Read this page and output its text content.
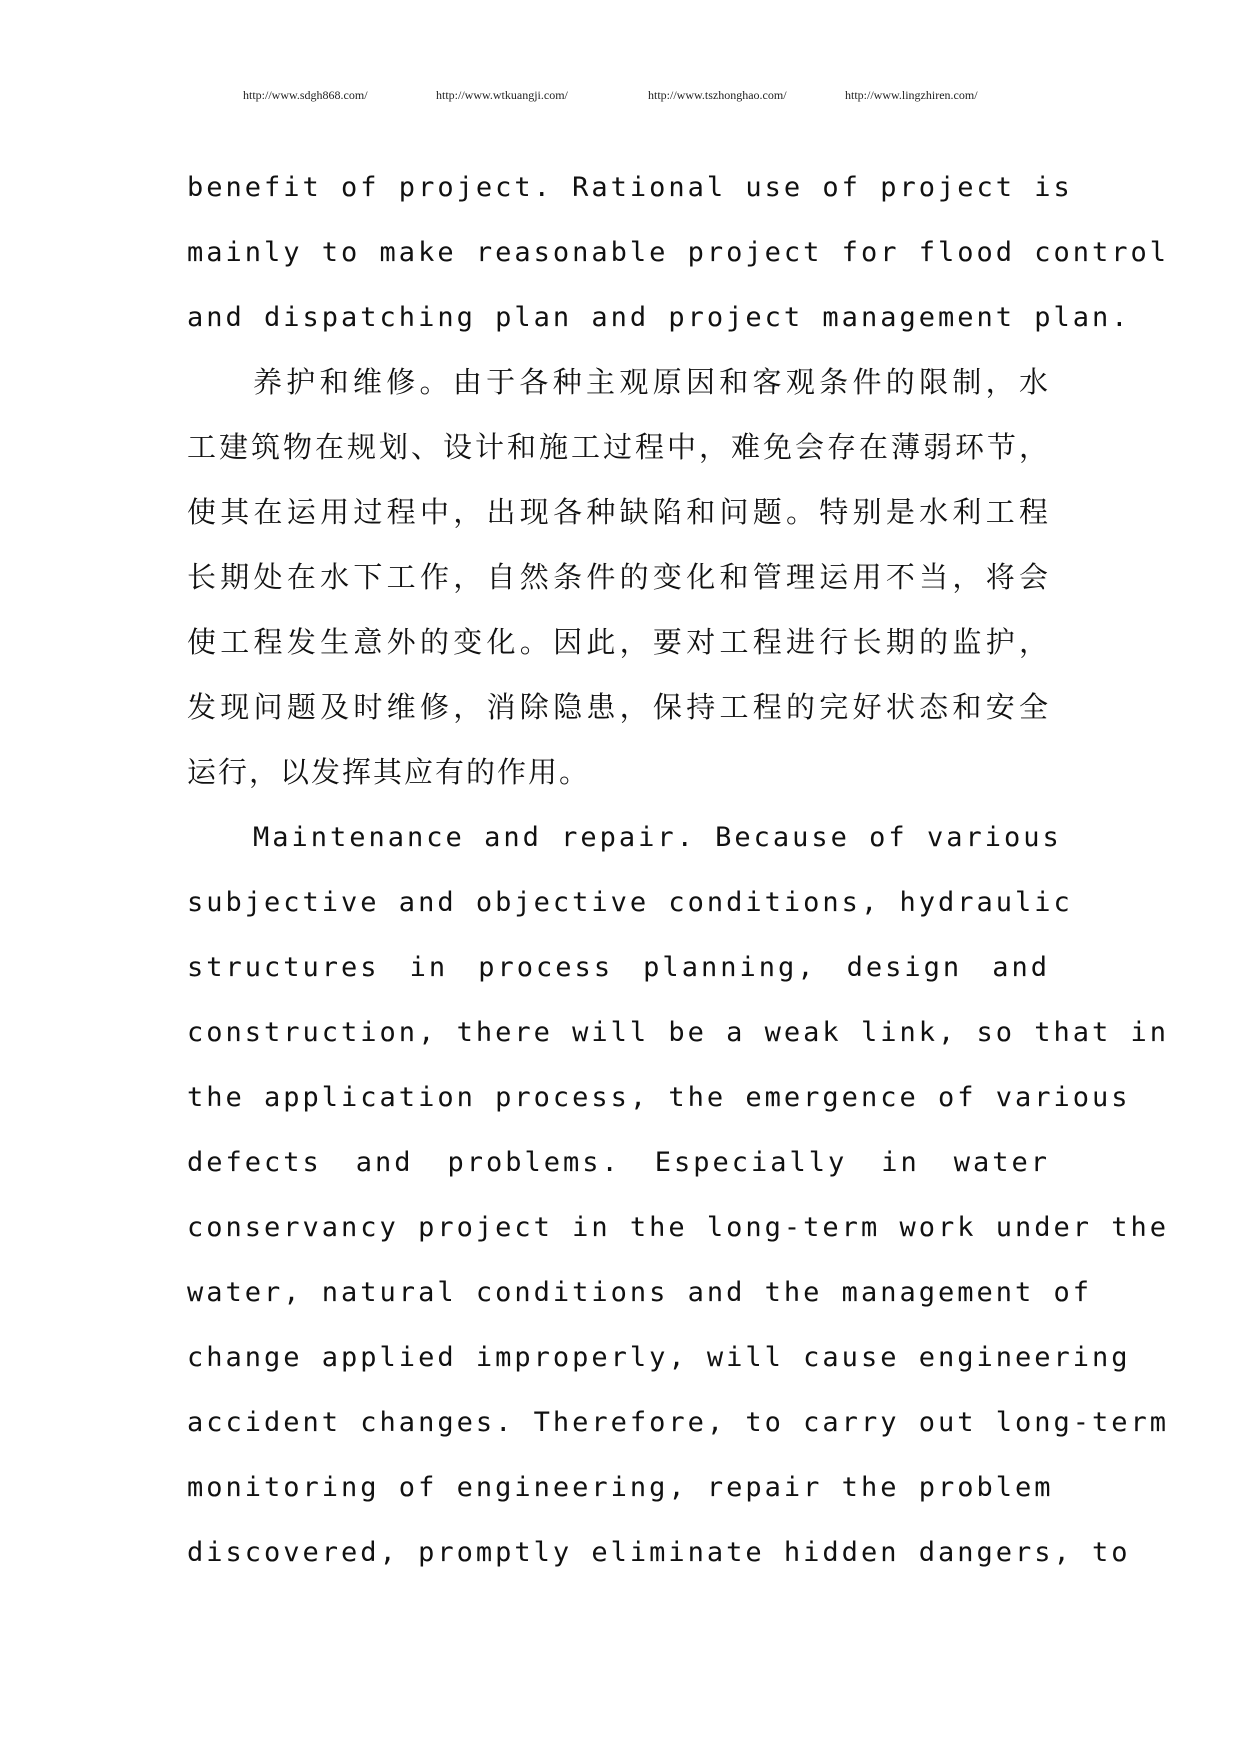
http://www.sdgh868.com/	http://www.wtkuangji.com/	http://www.tszhonghao.com/	http://www.lingzhiren.com/
benefit of project. Rational use of project is
mainly to make reasonable project for flood control
and dispatching plan and project management plan.
养护和维修。由于各种主观原因和客观条件的限制，水
工建筑物在规划、设计和施工过程中，难免会存在薄弱环节，
使其在运用过程中，出现各种缺陷和问题。特别是水利工程
长期处在水下工作，自然条件的变化和管理运用不当，将会
使工程发生意外的变化。因此，要对工程进行长期的监护，
发现问题及时维修，消除隐患，保持工程的完好状态和安全
运行，以发挥其应有的作用。
Maintenance and repair. Because of various
subjective and objective conditions, hydraulic
structures in process planning, design and
construction, there will be a weak link, so that in
the application process, the emergence of various
defects and problems. Especially in water
conservancy project in the long-term work under the
water, natural conditions and the management of
change applied improperly, will cause engineering
accident changes. Therefore, to carry out long-term
monitoring of engineering, repair the problem
discovered, promptly eliminate hidden dangers, to
